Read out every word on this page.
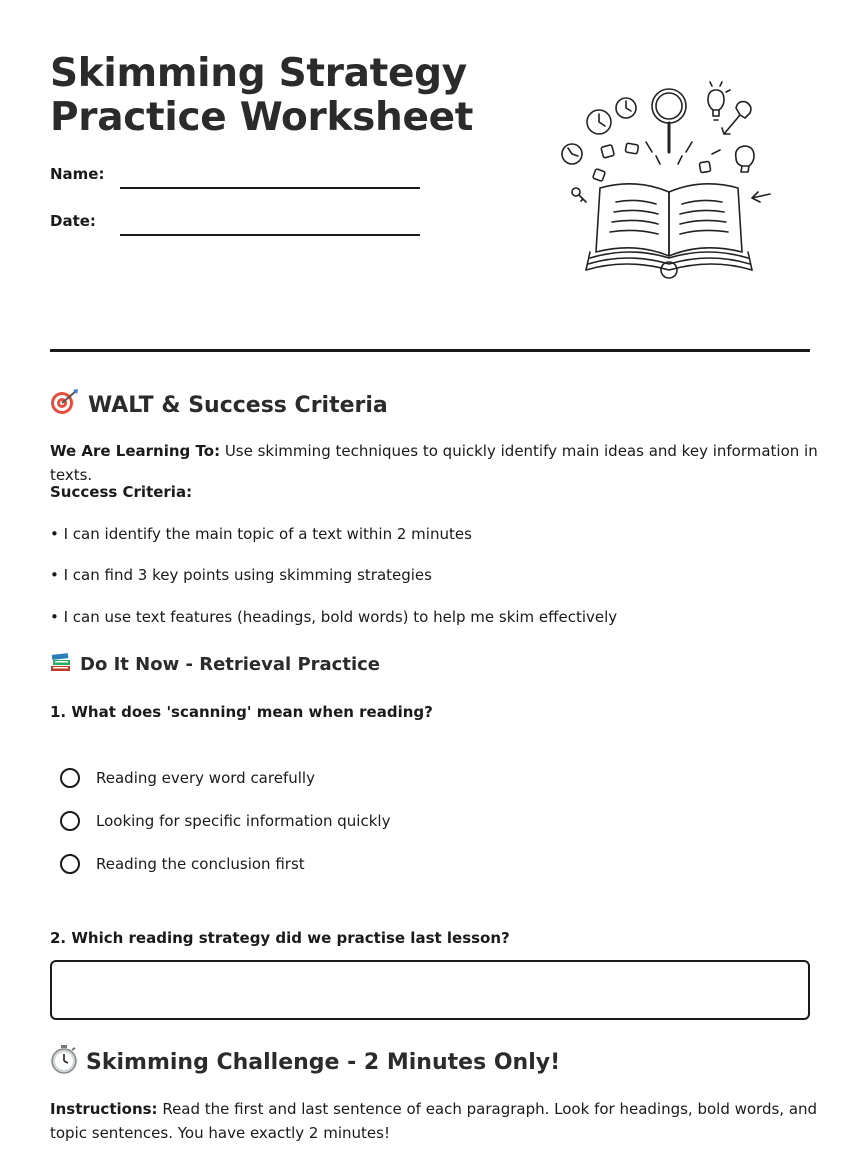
Skimming Strategy
Practice Worksheet
Name:
Date:
WALT & Success Criteria

We Are Learning To: Use skimming techniques to quickly identify main ideas and key information in texts.

Success Criteria:
• I can identify the main topic of a text within 2 minutes
• I can find 3 key points using skimming strategies
• I can use text features (headings, bold words) to help me skim effectively
Do It Now - Retrieval Practice
1. What does 'scanning' mean when reading?
Reading every word carefully
Looking for specific information quickly
Reading the conclusion first
2. Which reading strategy did we practise last lesson?
Skimming Challenge - 2 Minutes Only!

Instructions: Read the first and last sentence of each paragraph. Look for headings, bold words, and topic sentences. You have exactly 2 minutes!
